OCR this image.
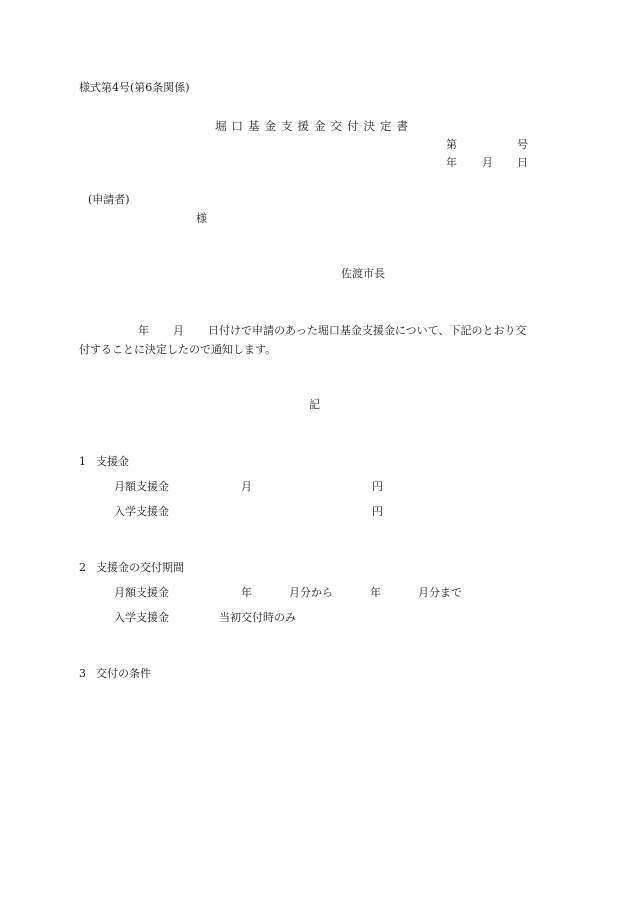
様式第4号(第6条関係)
堀口基金支援金交付決定書
第	号
年 月 日
(申請者)
様
佐渡市長
年 月 日付けで申請のあった堀口基金支援金について、下記のとおり交
付することに決定したので通知します。
記
1 支援金
月額支援金	月	円
入学支援金	円
2 支援金の交付期間
月額支援金	年	月分から	年	月分まで
入学支援金	当初交付時のみ
3 交付の条件
